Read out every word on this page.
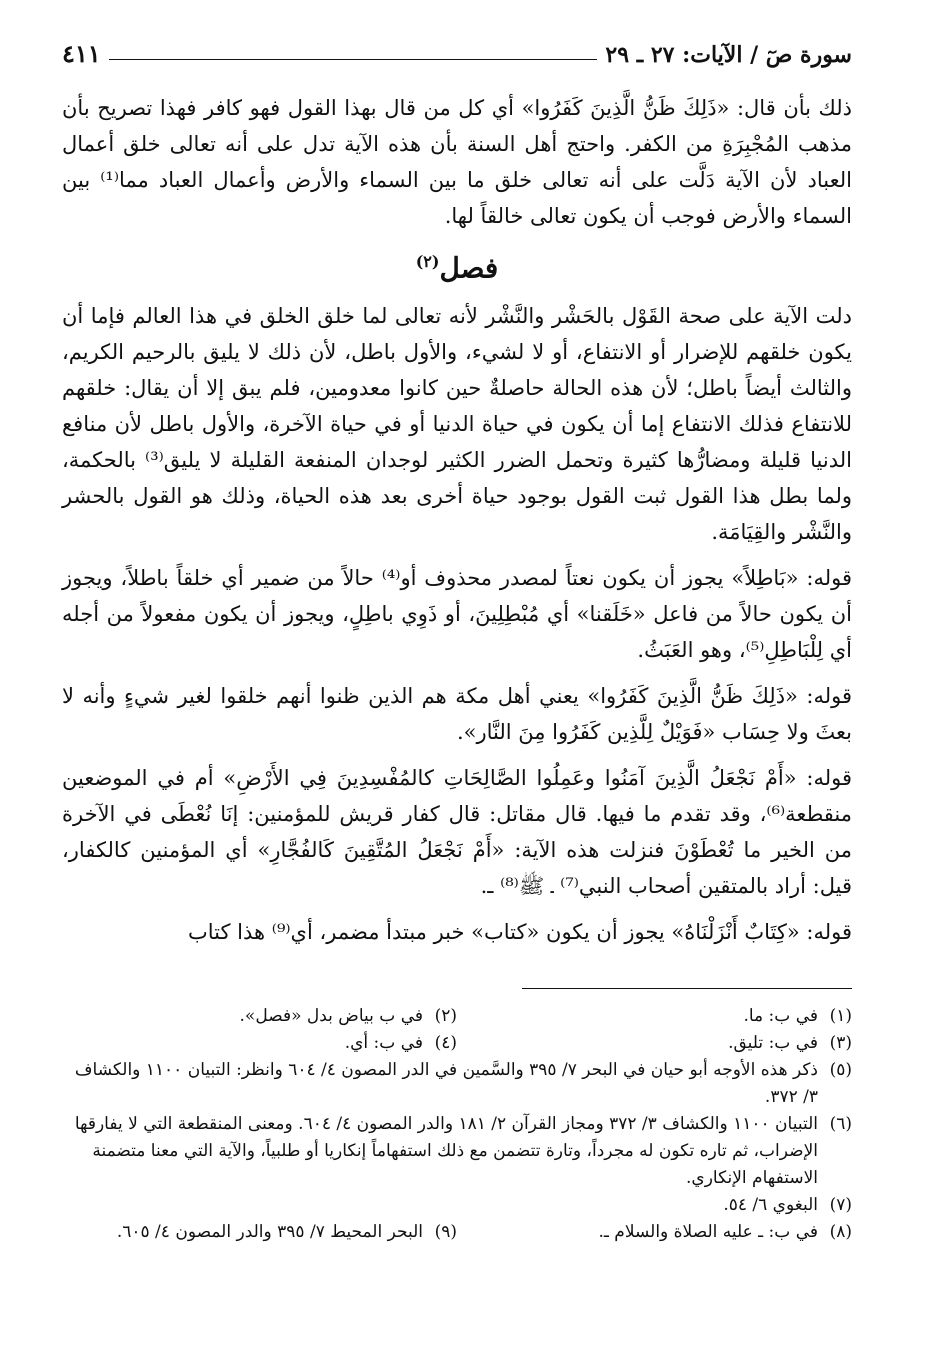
سورة صٓ / الآيات: ٢٧ ـ ٢٩
٤١١

ذلك بأن قال: «ذَلِكَ ظَنُّ الَّذِينَ كَفَرُوا» أي كل من قال بهذا القول فهو كافر فهذا تصريح بأن مذهب المُجْبِرَةِ من الكفر. واحتج أهل السنة بأن هذه الآية تدل على أنه تعالى خلق أعمال العباد لأن الآية دَلَّت على أنه تعالى خلق ما بين السماء والأرض وأعمال العباد مما⁽¹⁾ بين السماء والأرض فوجب أن يكون تعالى خالقاً لها.

فصل$^{(٢)}$

دلت الآية على صحة القَوْل بالحَشْر والنَّشْر لأنه تعالى لما خلق الخلق في هذا العالم فإما أن يكون خلقهم للإضرار أو الانتفاع، أو لا لشيء، والأول باطل، لأن ذلك لا يليق بالرحيم الكريم، والثالث أيضاً باطل؛ لأن هذه الحالة حاصلةٌ حين كانوا معدومين، فلم يبق إلا أن يقال: خلقهم للانتفاع فذلك الانتفاع إما أن يكون في حياة الدنيا أو في حياة الآخرة، والأول باطل لأن منافع الدنيا قليلة ومضارُّها كثيرة وتحمل الضرر الكثير لوجدان المنفعة القليلة لا يليق⁽³⁾ بالحكمة، ولما بطل هذا القول ثبت القول بوجود حياة أخرى بعد هذه الحياة، وذلك هو القول بالحشر والنَّشْر والقِيَامَة.

قوله: «بَاطِلاً» يجوز أن يكون نعتاً لمصدر محذوف أو⁽⁴⁾ حالاً من ضمير أي خلقاً باطلاً، ويجوز أن يكون حالاً من فاعل «خَلَقنا» أي مُبْطِلِينَ، أو ذَوِي باطِلٍ، ويجوز أن يكون مفعولاً من أجله أي لِلْبَاطِلِ⁽⁵⁾، وهو العَبَثُ.

قوله: «ذَلِكَ ظَنُّ الَّذِينَ كَفَرُوا» يعني أهل مكة هم الذين ظنوا أنهم خلقوا لغير شيءٍ وأنه لا بعثَ ولا حِسَاب «فَوَيْلٌ لِلَّذِين كَفَرُوا مِنَ النَّار».

قوله: «أَمْ نَجْعَلُ الَّذِينَ آمَنُوا وعَمِلُوا الصَّالِحَاتِ كالمُفْسِدِينَ فِي الأَرْضِ» أم في الموضعين منقطعة⁽⁶⁾، وقد تقدم ما فيها. قال مقاتل: قال كفار قريش للمؤمنين: إنَا نُعْطَى في الآخرة من الخير ما تُعْطَوْنَ فنزلت هذه الآية: «أَمْ نَجْعَلُ المُتَّقِينَ كَالفُجَّارِ» أي المؤمنين كالكفار، قيل: أراد بالمتقين أصحاب النبي⁽⁷⁾ ـ ﷺ⁽⁸⁾ ـ.

قوله: «كِتَابٌ أَنْزَلْنَاهُ» يجوز أن يكون «كتاب» خبر مبتدأ مضمر، أي⁽⁹⁾ هذا كتاب

(١)
في ب: ما.
(٢)
في ب بياض بدل «فصل».
(٣)
في ب: تليق.
(٤)
في ب: أي.
(٥)
ذكر هذه الأوجه أبو حيان في البحر ٧/ ٣٩٥ والسَّمين في الدر المصون ٤/ ٦٠٤ وانظر: التبيان ١١٠٠ والكشاف ٣/ ٣٧٢.
(٦)
التبيان ١١٠٠ والكشاف ٣/ ٣٧٢ ومجاز القرآن ٢/ ١٨١ والدر المصون ٤/ ٦٠٤. ومعنى المنقطعة التي لا يفارقها الإضراب، ثم تاره تكون له مجرداً، وتارة تتضمن مع ذلك استفهاماً إنكاريا أو طلبياً، والآية التي معنا متضمنة الاستفهام الإنكاري.
(٧)
البغوي ٦/ ٥٤.
(٨)
في ب: ـ عليه الصلاة والسلام ـ.
(٩)
البحر المحيط ٧/ ٣٩٥ والدر المصون ٤/ ٦٠٥.
